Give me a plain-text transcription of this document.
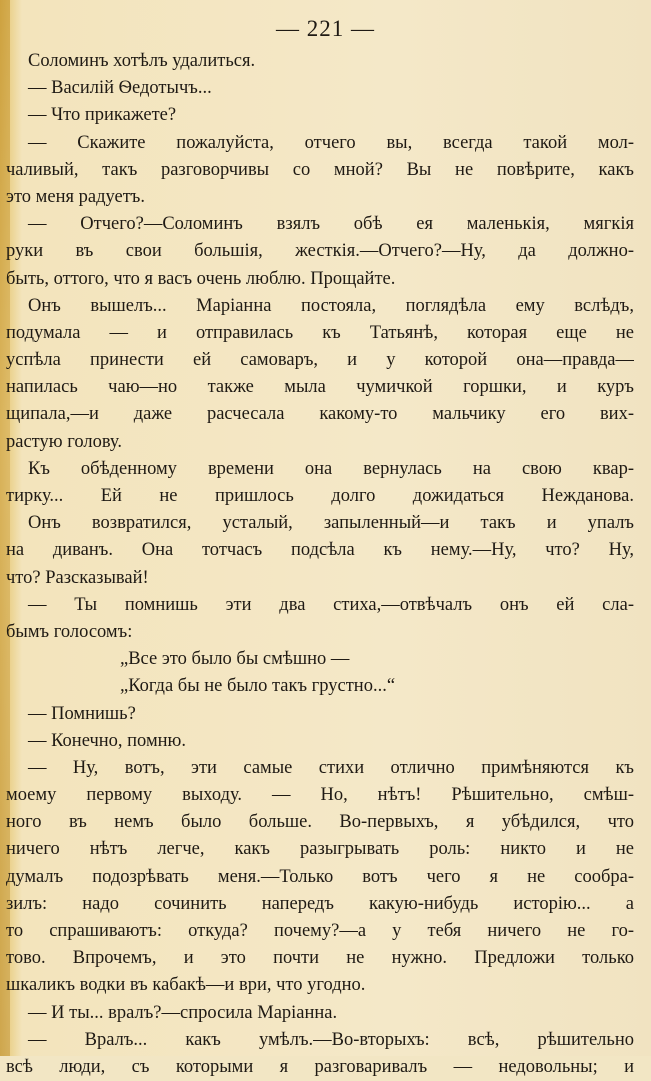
— 221 —
Соломинъ хотѣлъ удалиться.
— Василій Ѳедотычъ...
— Что прикажете?
— Скажите пожалуйста, отчего вы, всегда такой мол-
чаливый, такъ разговорчивы со мной? Вы не повѣрите, какъ
это меня радуетъ.
— Отчего?—Соломинъ взялъ обѣ ея маленькія, мягкія
руки въ свои большія, жесткія.—Отчего?—Ну, да должно-
быть, оттого, что я васъ очень люблю. Прощайте.
Онъ вышелъ... Маріанна постояла, поглядѣла ему вслѣдъ,
подумала — и отправилась къ Татьянѣ, которая еще не
успѣла принести ей самоваръ, и у которой она—правда—
напилась чаю—но также мыла чумичкой горшки, и куръ
щипала,—и даже расчесала какому-то мальчику его вих-
растую голову.
Къ обѣденному времени она вернулась на свою квар-
тирку... Ей не пришлось долго дожидаться Нежданова.
Онъ возвратился, усталый, запыленный—и такъ и упалъ
на диванъ. Она тотчасъ подсѣла къ нему.—Ну, что? Ну,
что? Разсказывай!
— Ты помнишь эти два стиха,—отвѣчалъ онъ ей сла-
бымъ голосомъ:
„Все это было бы смѣшно —
„Когда бы не было такъ грустно...“
— Помнишь?
— Конечно, помню.
— Ну, вотъ, эти самые стихи отлично примѣняются къ
моему первому выходу. — Но, нѣтъ! Рѣшительно, смѣш-
ного въ немъ было больше. Во-первыхъ, я убѣдился, что
ничего нѣтъ легче, какъ разыгрывать роль: никто и не
думалъ подозрѣвать меня.—Только вотъ чего я не сообра-
зилъ: надо сочинить напередъ какую-нибудь исторію... а
то спрашиваютъ: откуда? почему?—а у тебя ничего не го-
тово. Впрочемъ, и это почти не нужно. Предложи только
шкаликъ водки въ кабакѣ—и ври, что угодно.
— И ты... вралъ?—спросила Маріанна.
— Вралъ... какъ умѣлъ.—Во-вторыхъ: всѣ, рѣшительно
всѣ люди, съ которыми я разговаривалъ — недовольны; и
